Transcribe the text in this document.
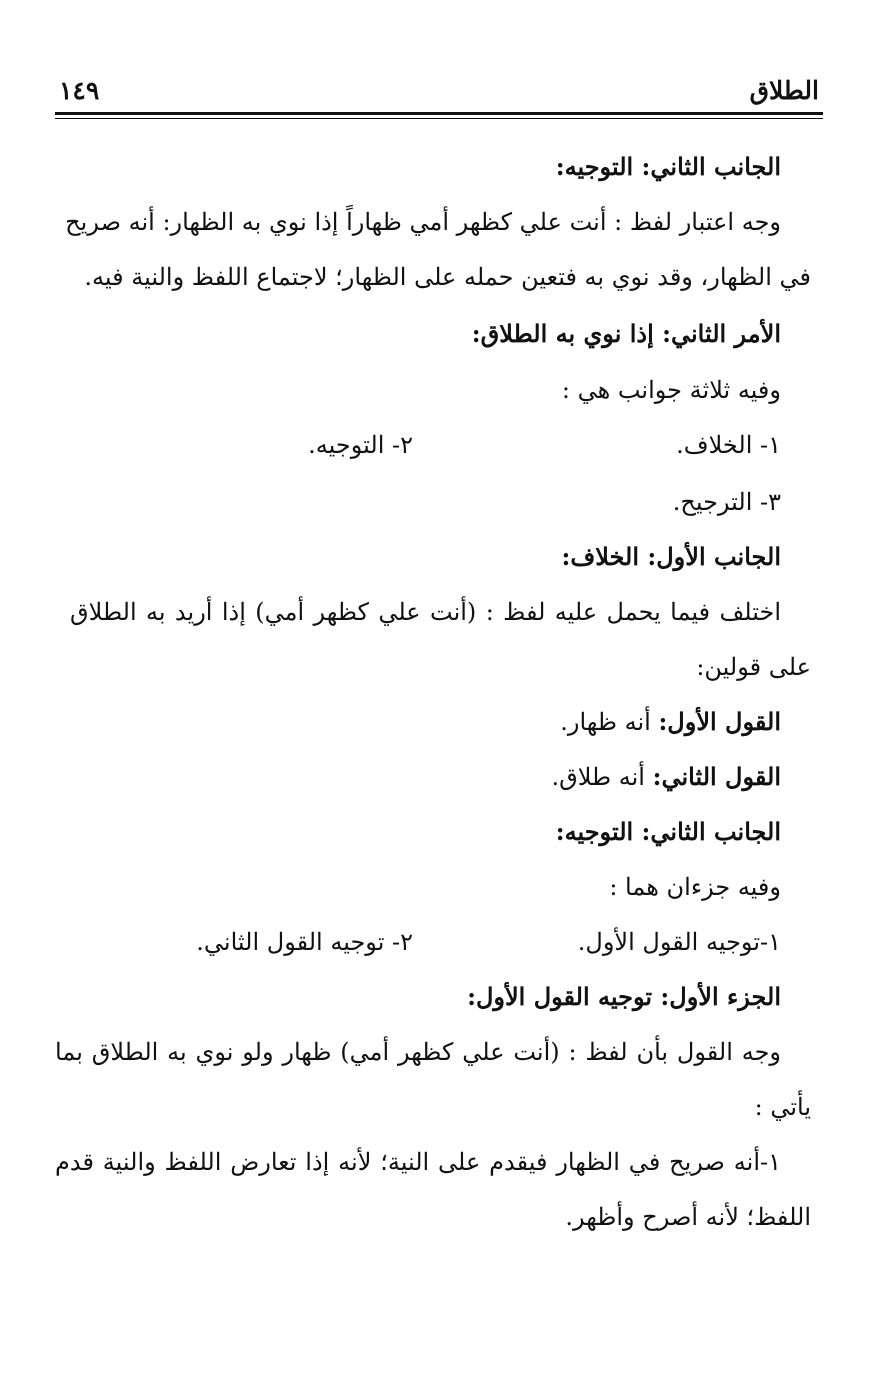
الطلاق
١٤٩
الجانب الثاني: التوجيه:
وجه اعتبار لفظ : أنت علي كظهر أمي ظهاراً إذا نوي به الظهار: أنه صريح
في الظهار، وقد نوي به فتعين حمله على الظهار؛ لاجتماع اللفظ والنية فيه.
الأمر الثاني: إذا نوي به الطلاق:
وفيه ثلاثة جوانب هي :
١- الخلاف.
٢- التوجيه.
٣- الترجيح.
الجانب الأول: الخلاف:
اختلف فيما يحمل عليه لفظ : (أنت علي كظهر أمي) إذا أريد به الطلاق
على قولين:
القول الأول: أنه ظهار.
القول الثاني: أنه طلاق.
الجانب الثاني: التوجيه:
وفيه جزءان هما :
١-توجيه القول الأول.
٢- توجيه القول الثاني.
الجزء الأول: توجيه القول الأول:
وجه القول بأن لفظ : (أنت علي كظهر أمي) ظهار ولو نوي به الطلاق بما
يأتي :
١-أنه صريح في الظهار فيقدم على النية؛ لأنه إذا تعارض اللفظ والنية قدم
اللفظ؛ لأنه أصرح وأظهر.
